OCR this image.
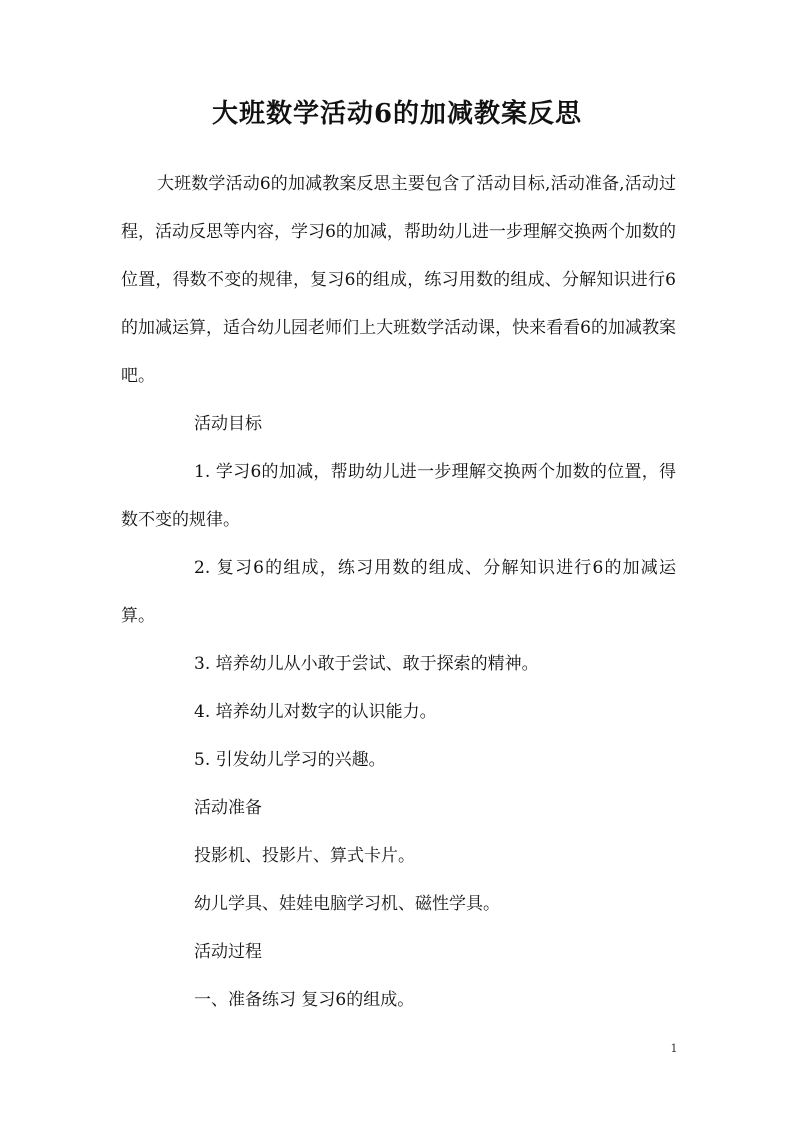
大班数学活动6的加减教案反思

大班数学活动6的加减教案反思主要包含了活动目标,活动准备,活动过程，活动反思等内容，学习6的加减，帮助幼儿进一步理解交换两个加数的位置，得数不变的规律，复习6的组成，练习用数的组成、分解知识进行6的加减运算，适合幼儿园老师们上大班数学活动课，快来看看6的加减教案吧。

活动目标

1. 学习6的加减，帮助幼儿进一步理解交换两个加数的位置，得数不变的规律。

2. 复习6的组成，练习用数的组成、分解知识进行6的加减运算。

3. 培养幼儿从小敢于尝试、敢于探索的精神。

4. 培养幼儿对数字的认识能力。

5. 引发幼儿学习的兴趣。

活动准备

投影机、投影片、算式卡片。

幼儿学具、娃娃电脑学习机、磁性学具。

活动过程

一、准备练习 复习6的组成。

1
